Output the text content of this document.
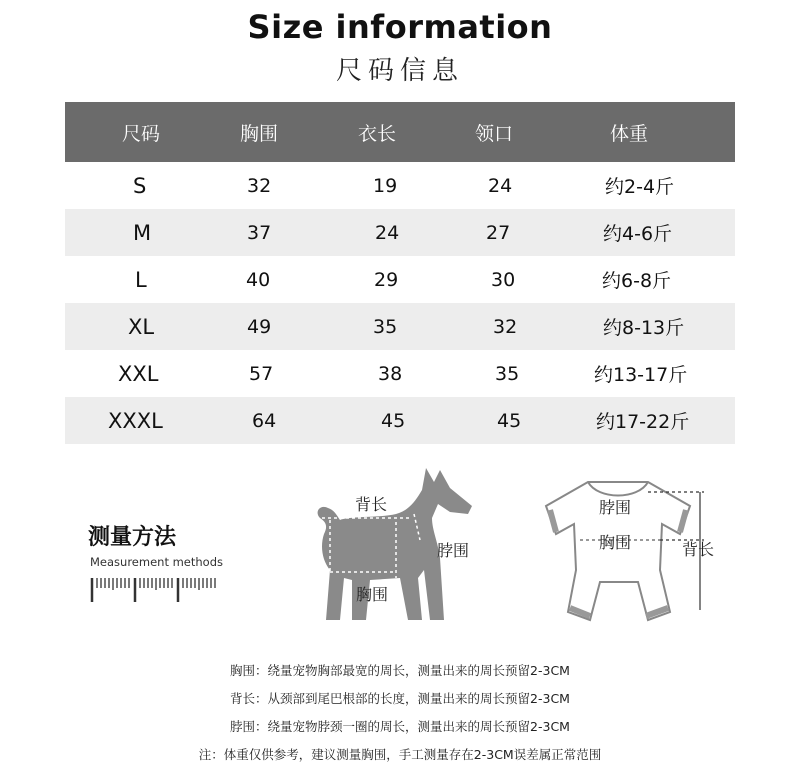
Size information
尺码信息
尺码	胸围	衣长	领口	体重
S	32	19	24	约2-4斤
M	37	24	27	约4-6斤
L	40	29	30	约6-8斤
XL	49	35	32	约8-13斤
XXL	57	38	35	约13-17斤
XXXL	64	45	45	约17-22斤
测量方法
Measurement methods
背长
脖围
胸围
脖围
胸围	背长
胸围：绕量宠物胸部最宽的周长，测量出来的周长预留2-3CM
背长：从颈部到尾巴根部的长度，测量出来的周长预留2-3CM
脖围：绕量宠物脖颈一圈的周长，测量出来的周长预留2-3CM
注：体重仅供参考，建议测量胸围，手工测量存在2-3CM误差属正常范围
